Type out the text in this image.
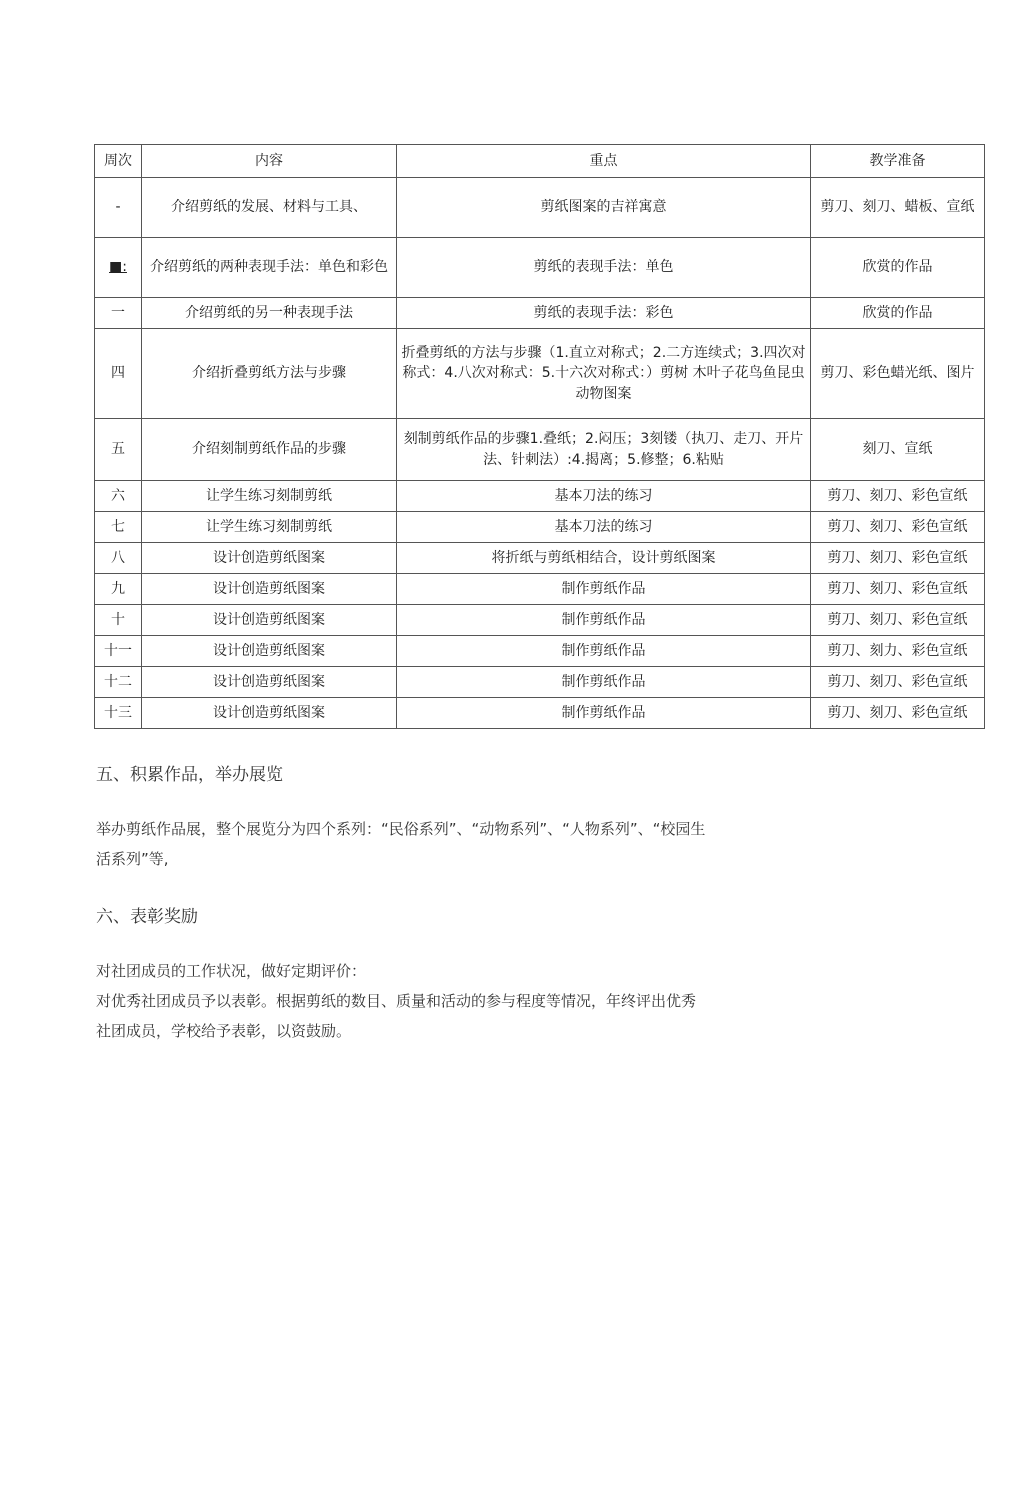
周次	内容	重点	教学准备
-	介绍剪纸的发展、材料与工具、	剪纸图案的吉祥寓意	剪刀、刻刀、蜡板、宣纸
■:	介绍剪纸的两种表现手法：单色和彩色	剪纸的表现手法：单色	欣赏的作品
一	介绍剪纸的另一种表现手法	剪纸的表现手法：彩色	欣赏的作品
四	介绍折叠剪纸方法与步骤	折叠剪纸的方法与步骤（1.直立对称式；2.二方连续式；3.四次对称式：4.八次对称式：5.十六次对称式：）剪树 木叶子花鸟鱼昆虫动物图案	剪刀、彩色蜡光纸、图片
五	介绍刻制剪纸作品的步骤	刻制剪纸作品的步骤1.叠纸；2.闷压；3刻镂（执刀、走刀、开片法、针刺法）:4.揭离；5.修整；6.粘贴	刻刀、宣纸
六	让学生练习刻制剪纸	基本刀法的练习	剪刀、刻刀、彩色宣纸
七	让学生练习刻制剪纸	基本刀法的练习	剪刀、刻刀、彩色宣纸
八	设计创造剪纸图案	将折纸与剪纸相结合，设计剪纸图案	剪刀、刻刀、彩色宣纸
九	设计创造剪纸图案	制作剪纸作品	剪刀、刻刀、彩色宣纸
十	设计创造剪纸图案	制作剪纸作品	剪刀、刻刀、彩色宣纸
十一	设计创造剪纸图案	制作剪纸作品	剪刀、刻力、彩色宣纸
十二	设计创造剪纸图案	制作剪纸作品	剪刀、刻刀、彩色宣纸
十三	设计创造剪纸图案	制作剪纸作品	剪刀、刻刀、彩色宣纸
五、积累作品，举办展览
举办剪纸作品展，整个展览分为四个系列：“民俗系列”、“动物系列”、“人物系列”、“校园生
活系列”等,
六、表彰奖励
对社团成员的工作状况，做好定期评价：
对优秀社团成员予以表彰。根据剪纸的数目、质量和活动的参与程度等情况，年终评出优秀
社团成员，学校给予表彰，以资鼓励。
